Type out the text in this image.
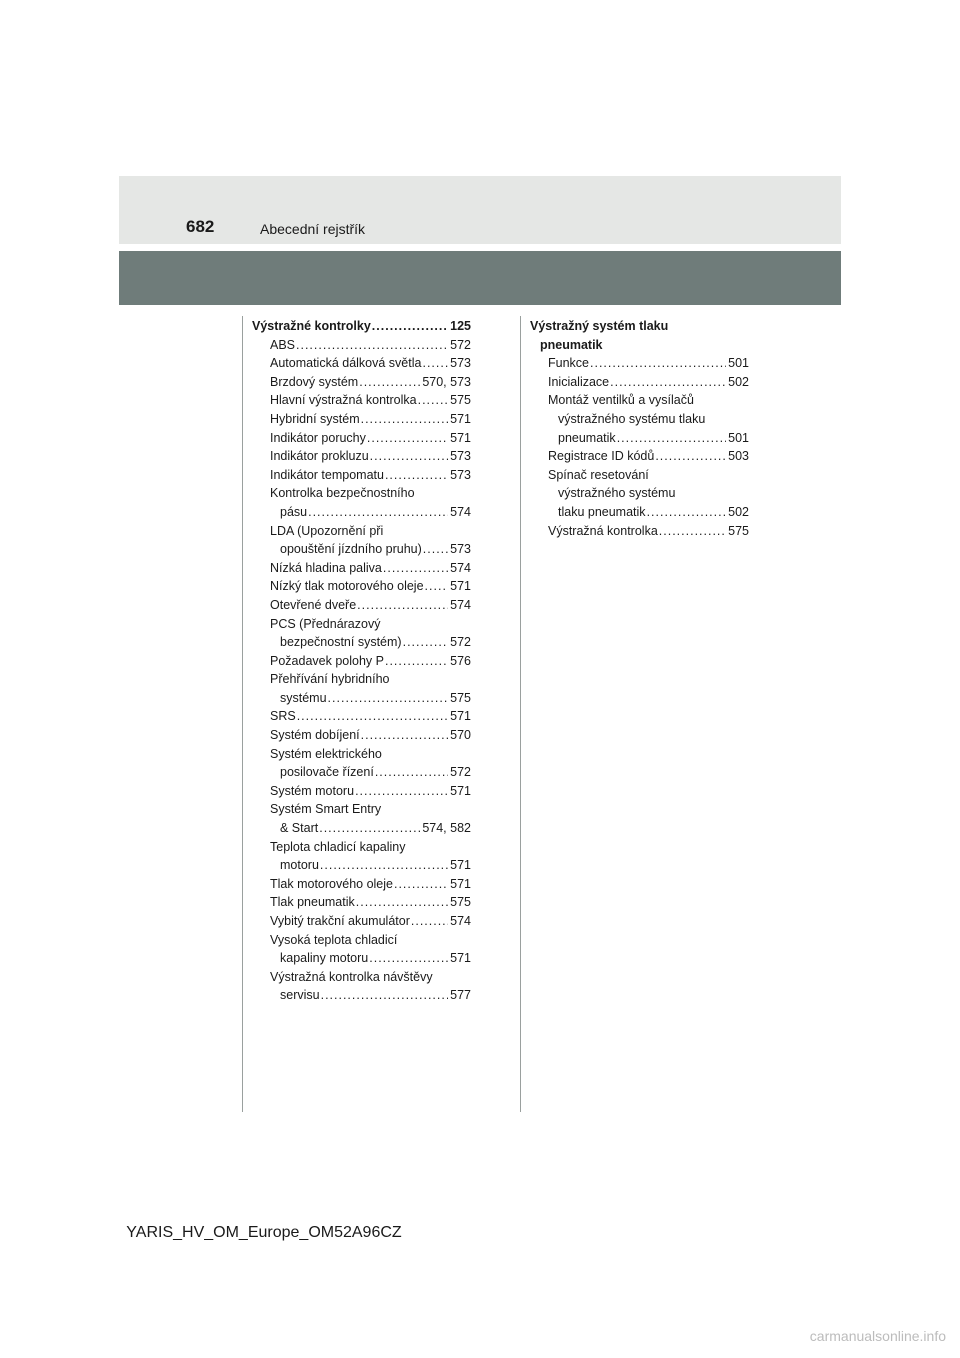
682	Abecední rejstřík
Výstražné kontrolky .....	125
ABS .....	572
Automatická dálková světla ..... 573
Brzdový systém .....	570, 573
Hlavní výstražná kontrolka .....	575
Hybridní systém .....	571
Indikátor poruchy .....	571
Indikátor prokluzu .....	573
Indikátor tempomatu .....	573
Kontrolka bezpečnostního
pásu .....	574
LDA (Upozornění při
opouštění jízdního pruhu) ..... 573
Nízká hladina paliva .....	574
Nízký tlak motorového oleje ..... 571
Otevřené dveře .....	574
PCS (Přednárazový
bezpečnostní systém) .....	572
Požadavek polohy P .....	576
Přehřívání hybridního
systému .....	575
SRS .....	571
Systém dobíjení .....	570
Systém elektrického
posilovače řízení .....	572
Systém motoru .....	571
Systém Smart Entry
& Start .....	574, 582
Teplota chladicí kapaliny
motoru .....	571
Tlak motorového oleje .....	571
Tlak pneumatik .....	575
Vybitý trakční akumulátor .....	574
Vysoká teplota chladicí
kapaliny motoru .....	571
Výstražná kontrolka návštěvy
servisu .....	577
Výstražný systém tlaku
pneumatik
Funkce .....	501
Inicializace .....	502
Montáž ventilků a vysílačů
výstražného systému tlaku
pneumatik .....	501
Registrace ID kódů .....	503
Spínač resetování
výstražného systému
tlaku pneumatik .....	502
Výstražná kontrolka .....	575
YARIS_HV_OM_Europe_OM52A96CZ
carmanualsonline.info
